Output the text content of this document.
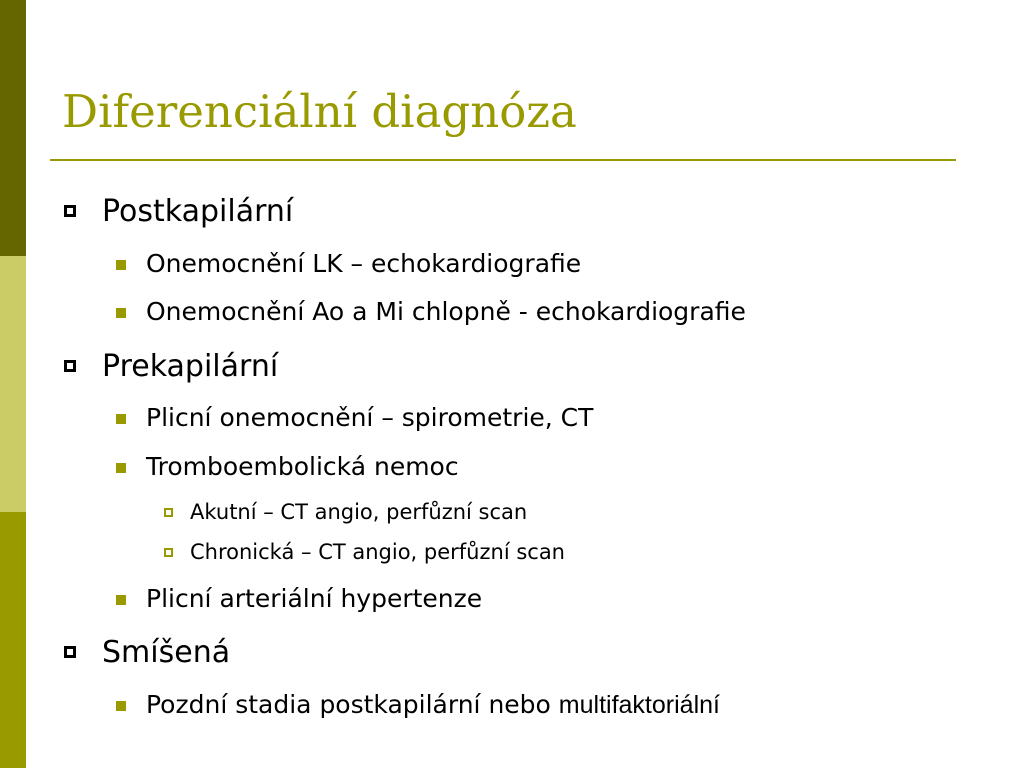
Diferenciální diagnóza
Postkapilární
Onemocnění LK – echokardiografie
Onemocnění Ao a Mi chlopně - echokardiografie
Prekapilární
Plicní onemocnění – spirometrie, CT
Tromboembolická nemoc
Akutní – CT angio, perfůzní scan
Chronická – CT angio, perfůzní scan
Plicní arteriální hypertenze
Smíšená
Pozdní stadia postkapilární nebo multifaktoriální
